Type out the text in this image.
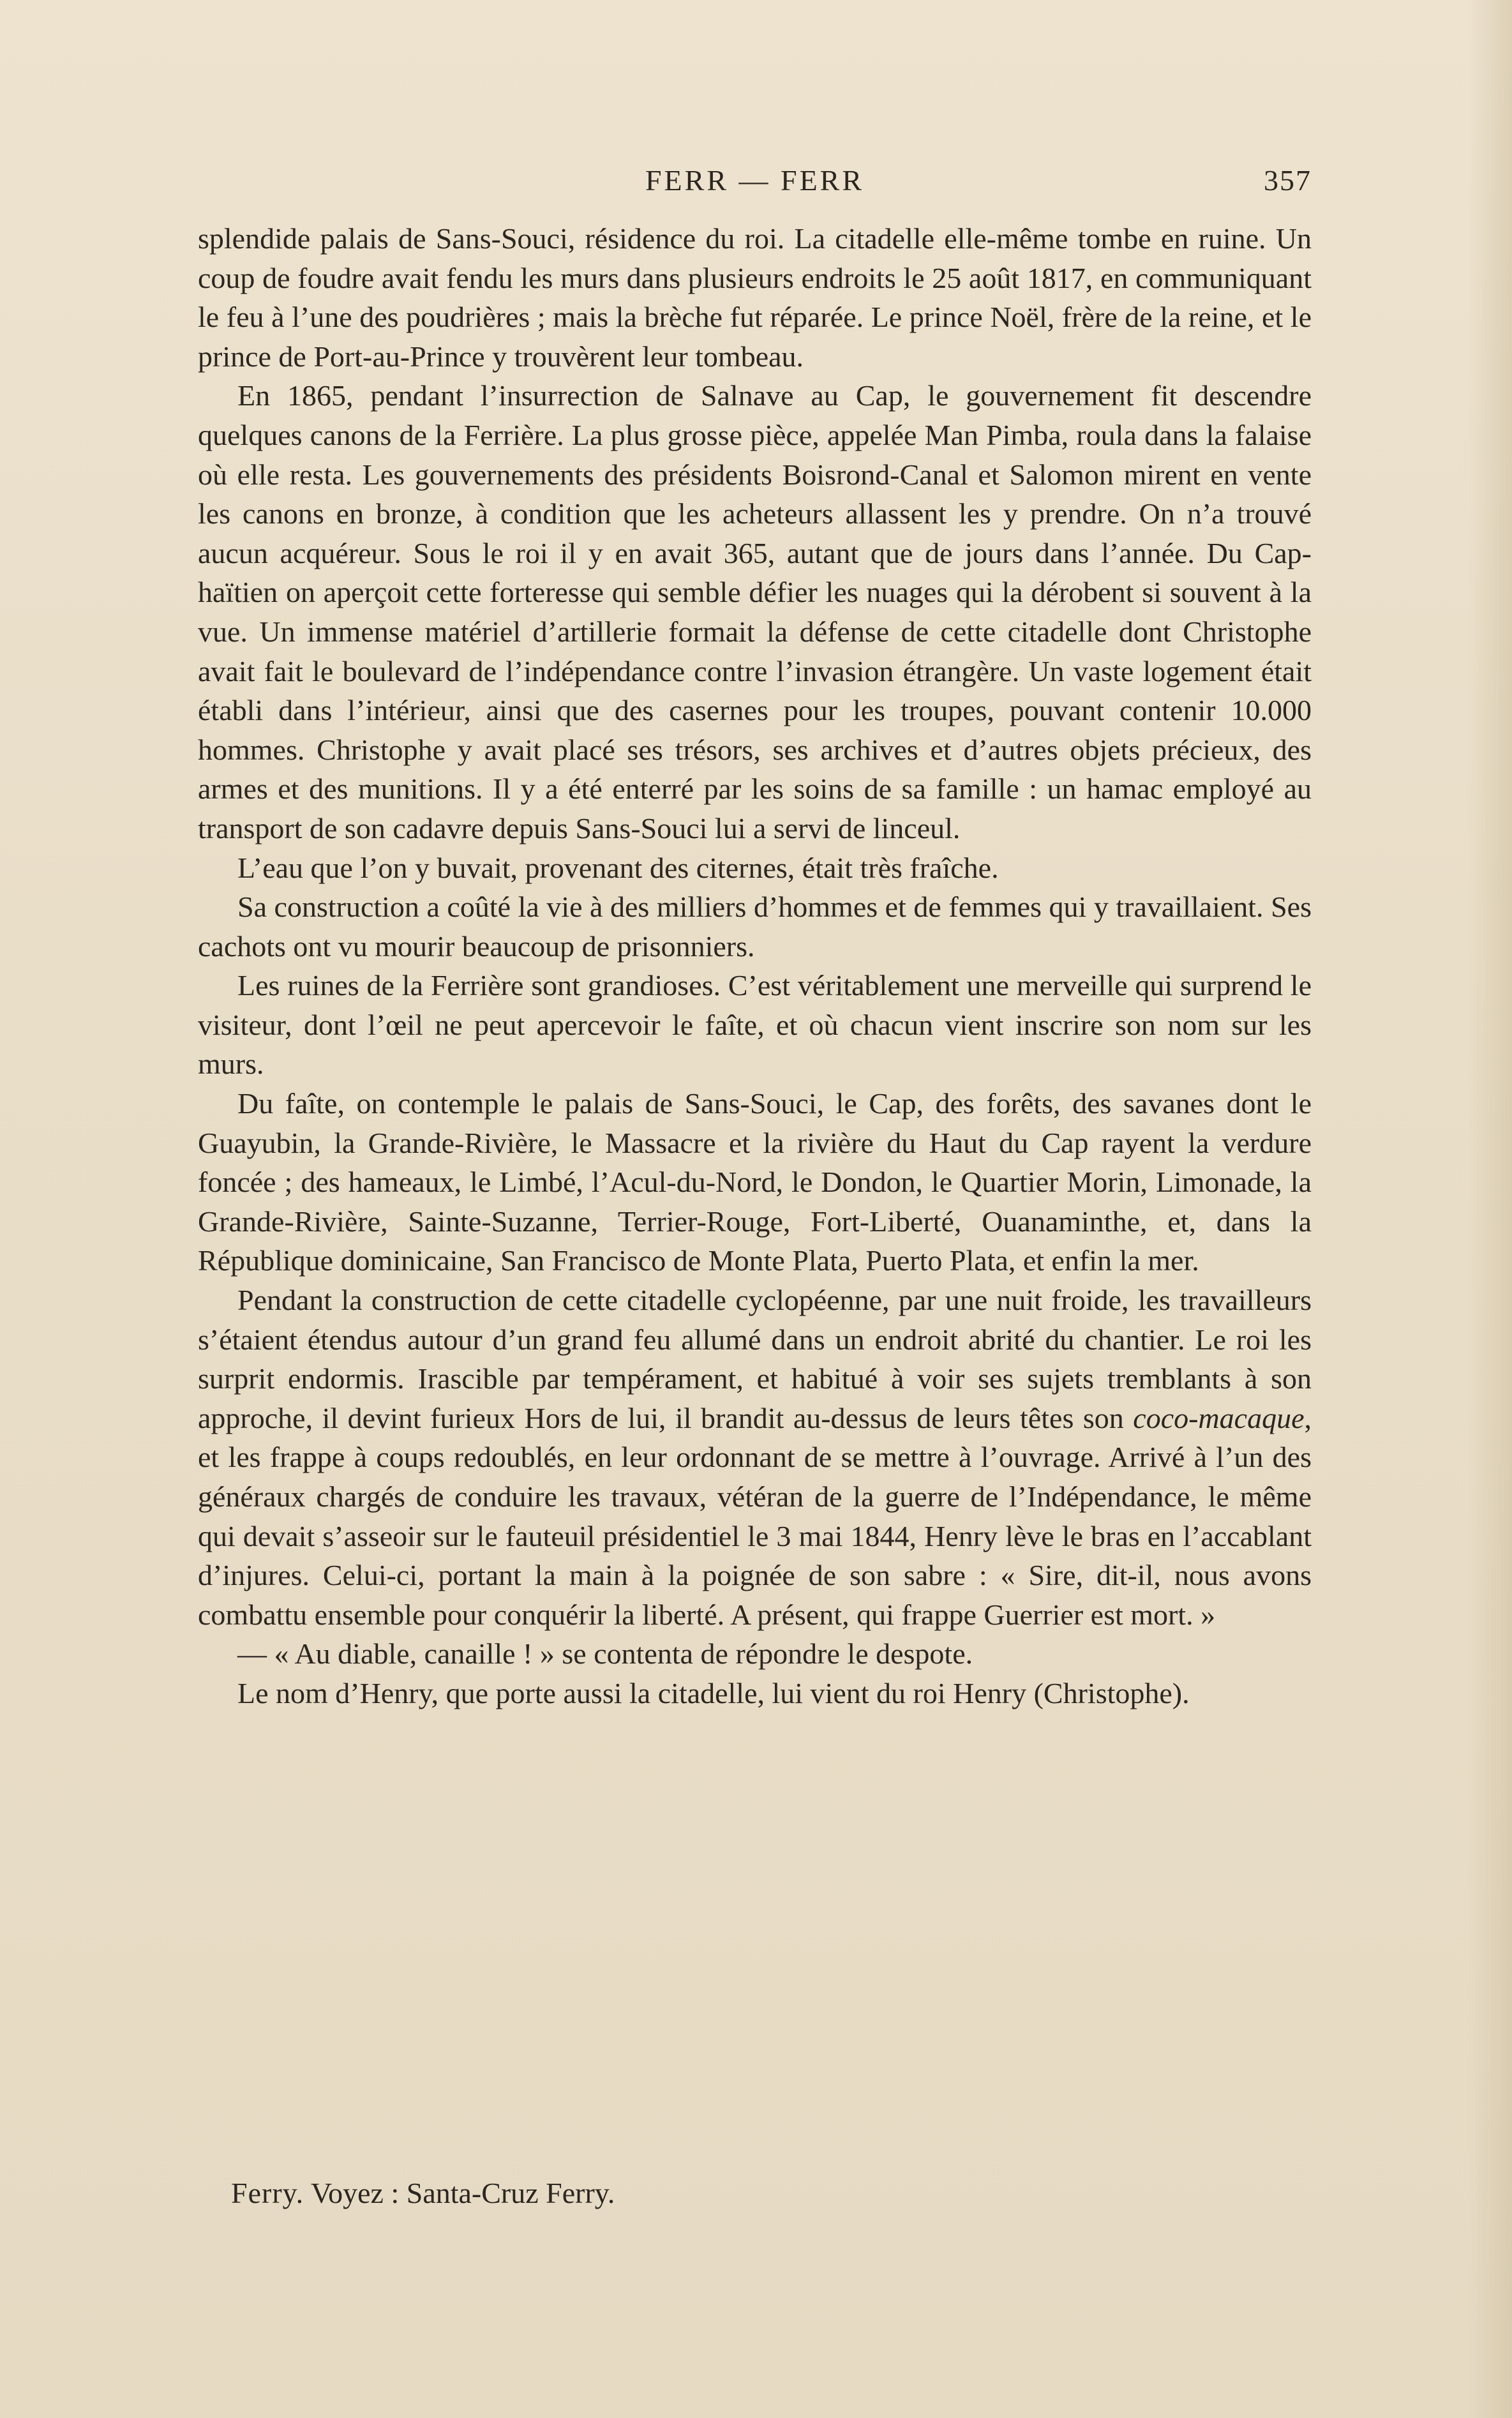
FERR — FERR	357

splendide palais de Sans-Souci, résidence du roi. La citadelle elle-même tombe en ruine. Un coup de foudre avait fendu les murs dans plusieurs endroits le 25 août 1817, en communiquant le feu à l’une des poudrières ; mais la brèche fut réparée. Le prince Noël, frère de la reine, et le prince de Port-au-Prince y trouvèrent leur tombeau.

En 1865, pendant l’insurrection de Salnave au Cap, le gouvernement fit descendre quelques canons de la Ferrière. La plus grosse pièce, appelée Man Pimba, roula dans la falaise où elle resta. Les gouvernements des présidents Boisrond-Canal et Salomon mirent en vente les canons en bronze, à condition que les acheteurs allassent les y prendre. On n’a trouvé aucun acquéreur. Sous le roi il y en avait 365, autant que de jours dans l’année. Du Cap-haïtien on aperçoit cette forteresse qui semble défier les nuages qui la dérobent si souvent à la vue. Un immense matériel d’artillerie formait la défense de cette citadelle dont Christophe avait fait le boulevard de l’indépendance contre l’invasion étrangère. Un vaste logement était établi dans l’intérieur, ainsi que des casernes pour les troupes, pouvant contenir 10.000 hommes. Christophe y avait placé ses trésors, ses archives et d’autres objets précieux, des armes et des munitions. Il y a été enterré par les soins de sa famille : un hamac employé au transport de son cadavre depuis Sans-Souci lui a servi de linceul.

L’eau que l’on y buvait, provenant des citernes, était très fraîche.

Sa construction a coûté la vie à des milliers d’hommes et de femmes qui y travaillaient. Ses cachots ont vu mourir beaucoup de prisonniers.

Les ruines de la Ferrière sont grandioses. C’est véritablement une merveille qui surprend le visiteur, dont l’œil ne peut apercevoir le faîte, et où chacun vient inscrire son nom sur les murs.

Du faîte, on contemple le palais de Sans-Souci, le Cap, des forêts, des savanes dont le Guayubin, la Grande-Rivière, le Massacre et la rivière du Haut du Cap rayent la verdure foncée ; des hameaux, le Limbé, l’Acul-du-Nord, le Dondon, le Quartier Morin, Limonade, la Grande-Rivière, Sainte-Suzanne, Terrier-Rouge, Fort-Liberté, Ouanaminthe, et, dans la République dominicaine, San Francisco de Monte Plata, Puerto Plata, et enfin la mer.

Pendant la construction de cette citadelle cyclopéenne, par une nuit froide, les travailleurs s’étaient étendus autour d’un grand feu allumé dans un endroit abrité du chantier. Le roi les surprit endormis. Irascible par tempérament, et habitué à voir ses sujets tremblants à son approche, il devint furieux Hors de lui, il brandit au-dessus de leurs têtes son coco-macaque, et les frappe à coups redoublés, en leur ordonnant de se mettre à l’ouvrage. Arrivé à l’un des généraux chargés de conduire les travaux, vétéran de la guerre de l’Indépendance, le même qui devait s’asseoir sur le fauteuil présidentiel le 3 mai 1844, Henry lève le bras en l’accablant d’injures. Celui-ci, portant la main à la poignée de son sabre : « Sire, dit-il, nous avons combattu ensemble pour conquérir la liberté. A présent, qui frappe Guerrier est mort. »

— « Au diable, canaille ! » se contenta de répondre le despote.

Le nom d’Henry, que porte aussi la citadelle, lui vient du roi Henry (Christophe).

Ferry. Voyez : Santa-Cruz Ferry.
